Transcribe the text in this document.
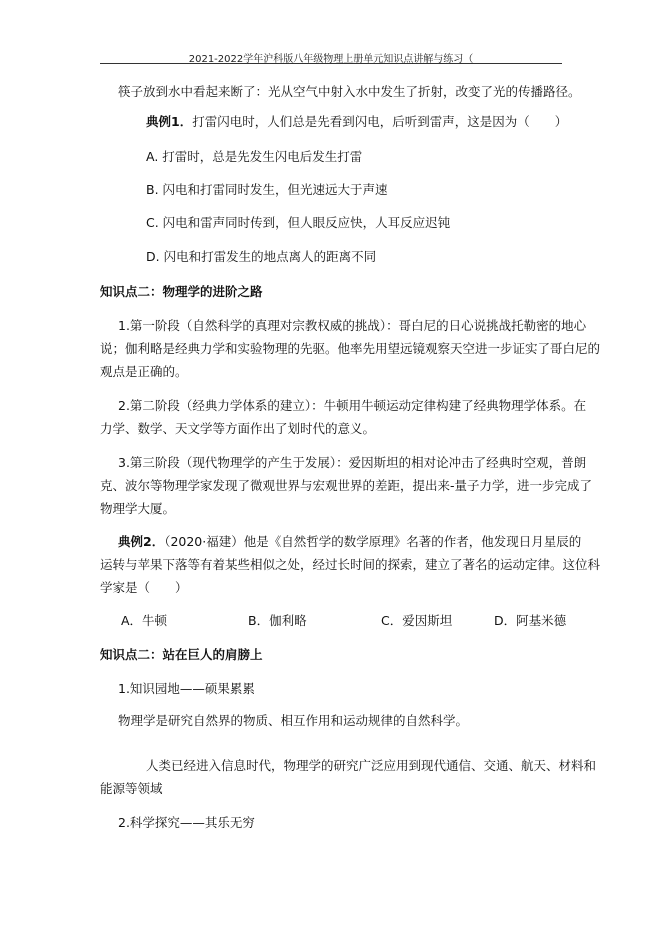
2021-2022学年沪科版八年级物理上册单元知识点讲解与练习（
筷子放到水中看起来断了：光从空气中射入水中发生了折射，改变了光的传播路径。
典例1．打雷闪电时，人们总是先看到闪电，后听到雷声，这是因为（　　）
A. 打雷时，总是先发生闪电后发生打雷
B. 闪电和打雷同时发生，但光速远大于声速
C. 闪电和雷声同时传到，但人眼反应快，人耳反应迟钝
D. 闪电和打雷发生的地点离人的距离不同
知识点二：物理学的进阶之路
1.第一阶段（自然科学的真理对宗教权威的挑战）：哥白尼的日心说挑战托勒密的地心
说；伽利略是经典力学和实验物理的先驱。他率先用望远镜观察天空进一步证实了哥白尼的
观点是正确的。
2.第二阶段（经典力学体系的建立）：牛顿用牛顿运动定律构建了经典物理学体系。在
力学、数学、天文学等方面作出了划时代的意义。
3.第三阶段（现代物理学的产生于发展）：爱因斯坦的相对论冲击了经典时空观，普朗
克、波尔等物理学家发现了微观世界与宏观世界的差距，提出来-量子力学，进一步完成了
物理学大厦。
典例2．（2020·福建）他是《自然哲学的数学原理》名著的作者，他发现日月星辰的
运转与苹果下落等有着某些相似之处，经过长时间的探索，建立了著名的运动定律。这位科
学家是（　　）
A．牛顿	B．伽利略	C．爱因斯坦	D．阿基米德
知识点二：站在巨人的肩膀上
1.知识园地——硕果累累
物理学是研究自然界的物质、相互作用和运动规律的自然科学。
人类已经进入信息时代，物理学的研究广泛应用到现代通信、交通、航天、材料和
能源等领域
2.科学探究——其乐无穷
